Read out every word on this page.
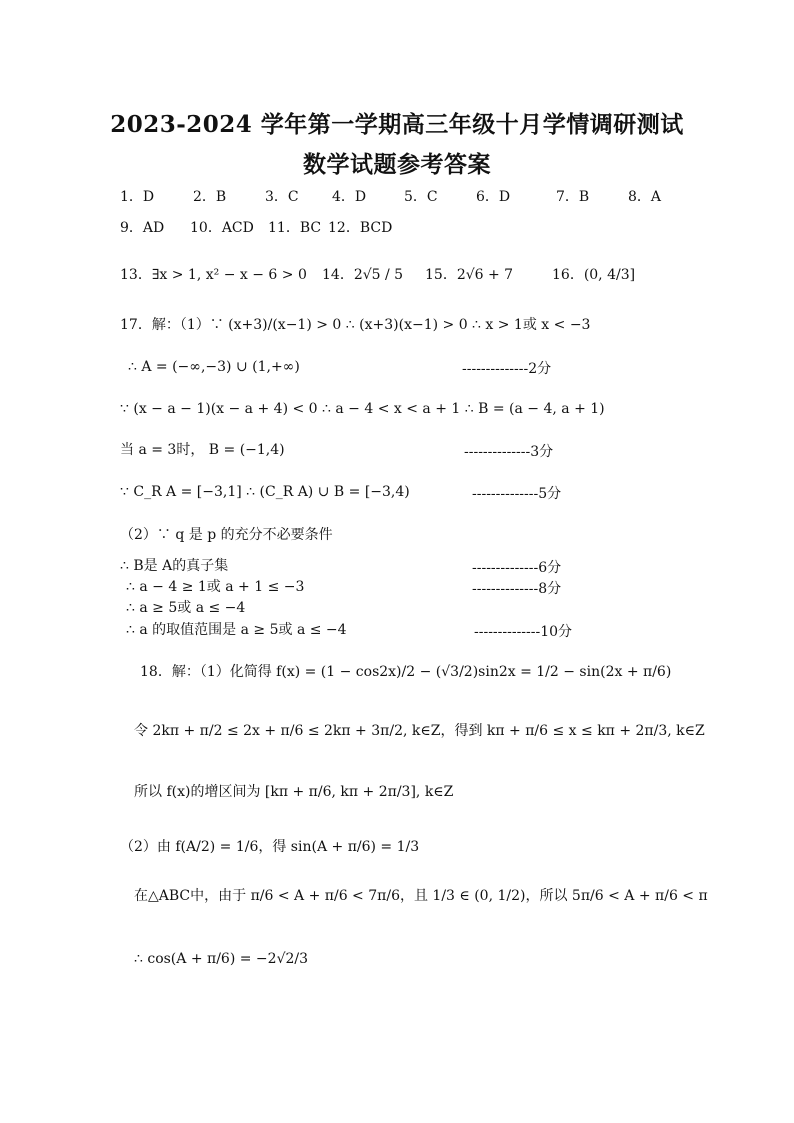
2023-2024 学年第一学期高三年级十月学情调研测试
数学试题参考答案
1．D	2．B	3．C 4．D	5．C	6．D	7．B	8．A
9．AD 10．ACD 11．BC 12．BCD
13．∃x > 1, x² − x − 6 > 0 14．2√5 / 5 15．2√6 + 7	16．(0, 4/3]
17．解：（1）∵ (x+3)/(x−1) > 0 ∴ (x+3)(x−1) > 0 ∴ x > 1或 x < −3
∴ A = (−∞,−3) ∪ (1,+∞)	--------------2分
∵ (x − a − 1)(x − a + 4) < 0 ∴ a − 4 < x < a + 1 ∴ B = (a − 4, a + 1)
当 a = 3时， B = (−1,4)	--------------3分
∵ C_R A = [−3,1] ∴ (C_R A) ∪ B = [−3,4)	--------------5分
（2）∵ q 是 p 的充分不必要条件
∴ B是 A的真子集	--------------6分
∴ a − 4 ≥ 1或 a + 1 ≤ −3	--------------8分
∴ a ≥ 5或 a ≤ −4
∴ a 的取值范围是 a ≥ 5或 a ≤ −4	--------------10分
18．解：（1）化简得 f(x) = (1 − cos2x)/2 − (√3/2)sin2x = 1/2 − sin(2x + π/6)
令 2kπ + π/2 ≤ 2x + π/6 ≤ 2kπ + 3π/2, k∈Z，得到 kπ + π/6 ≤ x ≤ kπ + 2π/3, k∈Z
所以 f(x)的增区间为 [kπ + π/6, kπ + 2π/3], k∈Z
（2）由 f(A/2) = 1/6，得 sin(A + π/6) = 1/3
在△ABC中，由于 π/6 < A + π/6 < 7π/6，且 1/3 ∈ (0, 1/2)，所以 5π/6 < A + π/6 < π
∴ cos(A + π/6) = −2√2/3
